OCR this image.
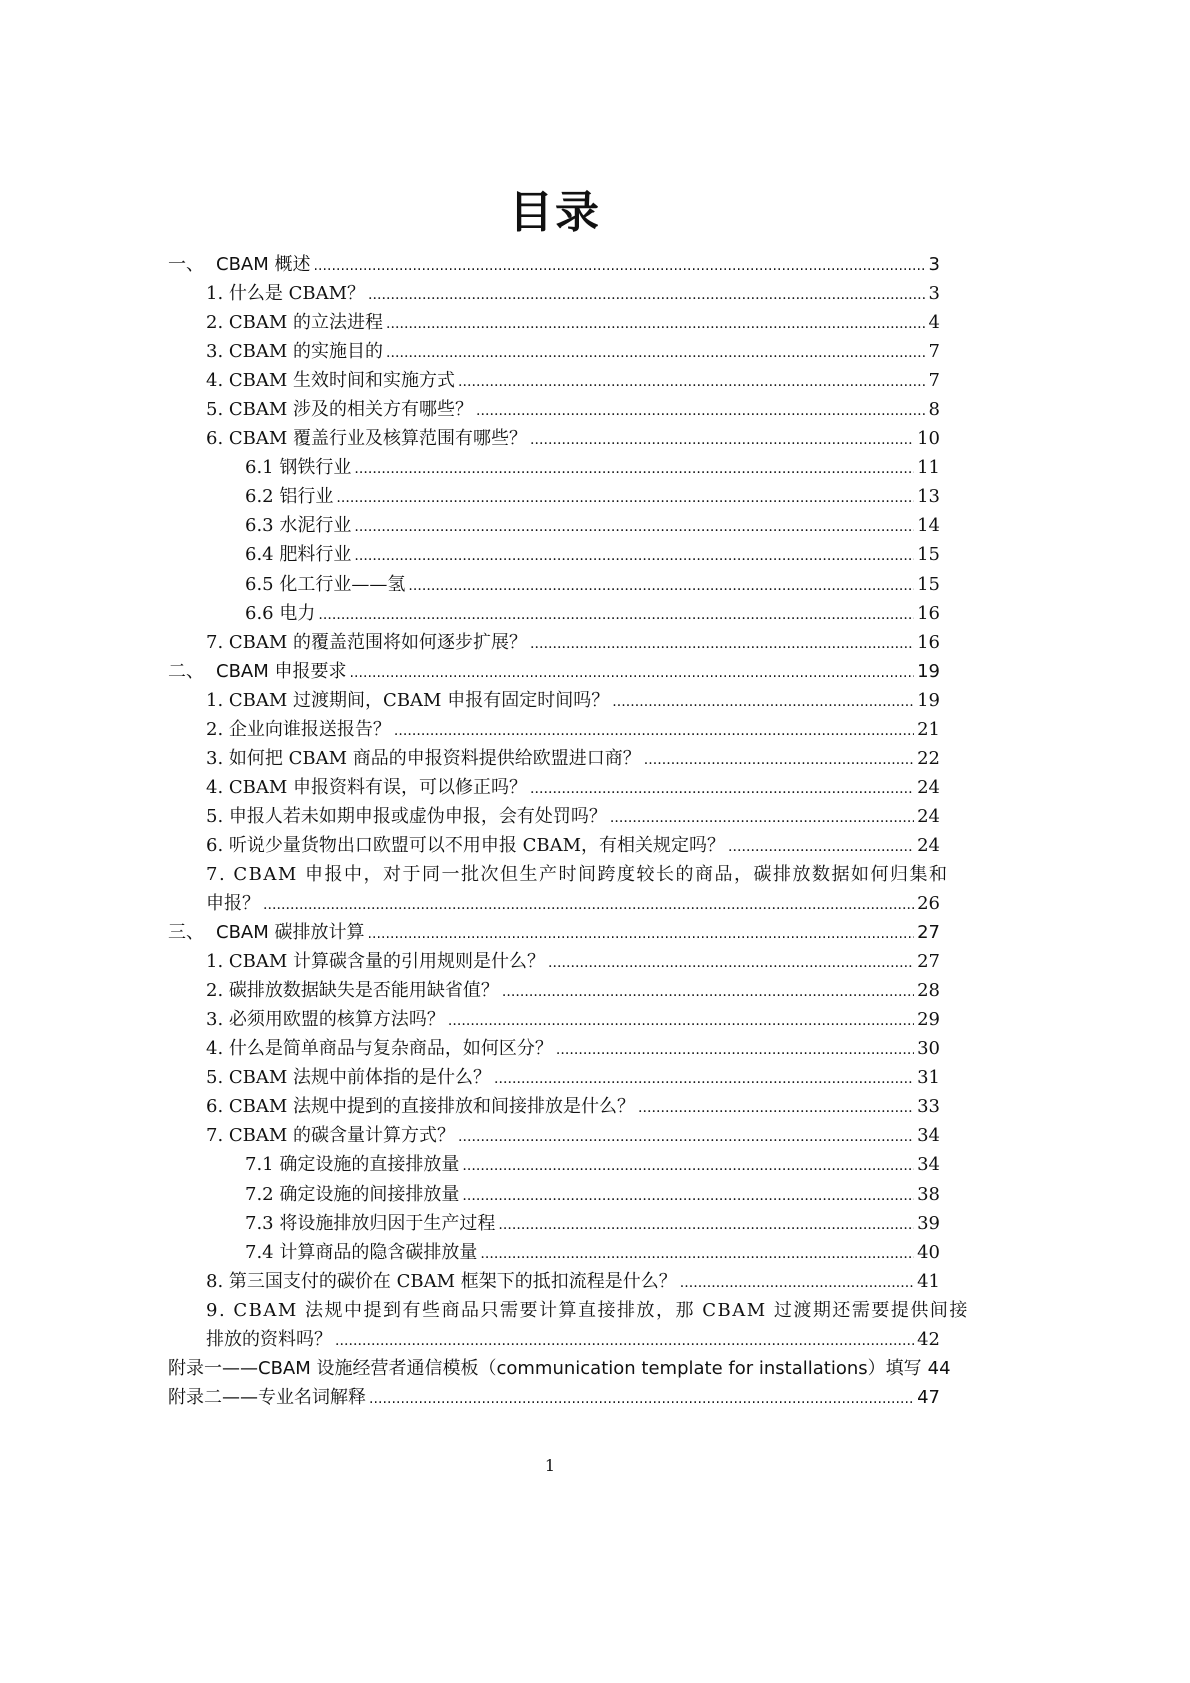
目录
一、 CBAM 概述 . . .	3
1. 什么是 CBAM？ . . .	3
2. CBAM 的立法进程 . . .	4
3. CBAM 的实施目的 . . .	7
4. CBAM 生效时间和实施方式 . . .	7
5. CBAM 涉及的相关方有哪些？ . . .	8
6. CBAM 覆盖行业及核算范围有哪些？ . . .	10
6.1 钢铁行业 . . .	11
6.2 铝行业 . . .	13
6.3 水泥行业 . . .	14
6.4 肥料行业 . . .	15
6.5 化工行业——氢 . . .	15
6.6 电力 . . .	16
7. CBAM 的覆盖范围将如何逐步扩展？ . . .	16
二、 CBAM 申报要求 . . .	19
1. CBAM 过渡期间，CBAM 申报有固定时间吗？ . . .	19
2. 企业向谁报送报告？ . . .	21
3. 如何把 CBAM 商品的申报资料提供给欧盟进口商？ . . .	22
4. CBAM 申报资料有误，可以修正吗？ . . .	24
5. 申报人若未如期申报或虚伪申报，会有处罚吗？ . . .	24
6. 听说少量货物出口欧盟可以不用申报 CBAM，有相关规定吗？ . . .	24
7. CBAM 申报中，对于同一批次但生产时间跨度较长的商品，碳排放数据如何归集和
申报？ . . .	26
三、 CBAM 碳排放计算 . . .	27
1. CBAM 计算碳含量的引用规则是什么？ . . .	27
2. 碳排放数据缺失是否能用缺省值？ . . .	28
3. 必须用欧盟的核算方法吗？ . . .	29
4. 什么是简单商品与复杂商品，如何区分？ . . .	30
5. CBAM 法规中前体指的是什么？ . . .	31
6. CBAM 法规中提到的直接排放和间接排放是什么？ . . .	33
7. CBAM 的碳含量计算方式？ . . .	34
7.1 确定设施的直接排放量 . . .	34
7.2 确定设施的间接排放量 . . .	38
7.3 将设施排放归因于生产过程 . . .	39
7.4 计算商品的隐含碳排放量 . . .	40
8. 第三国支付的碳价在 CBAM 框架下的抵扣流程是什么？ . . .	41
9. CBAM 法规中提到有些商品只需要计算直接排放，那 CBAM 过渡期还需要提供间接
排放的资料吗？ . . .	42
附录一——CBAM 设施经营者通信模板（communication template for installations）填写 44
附录二——专业名词解释 . . .	47
1
